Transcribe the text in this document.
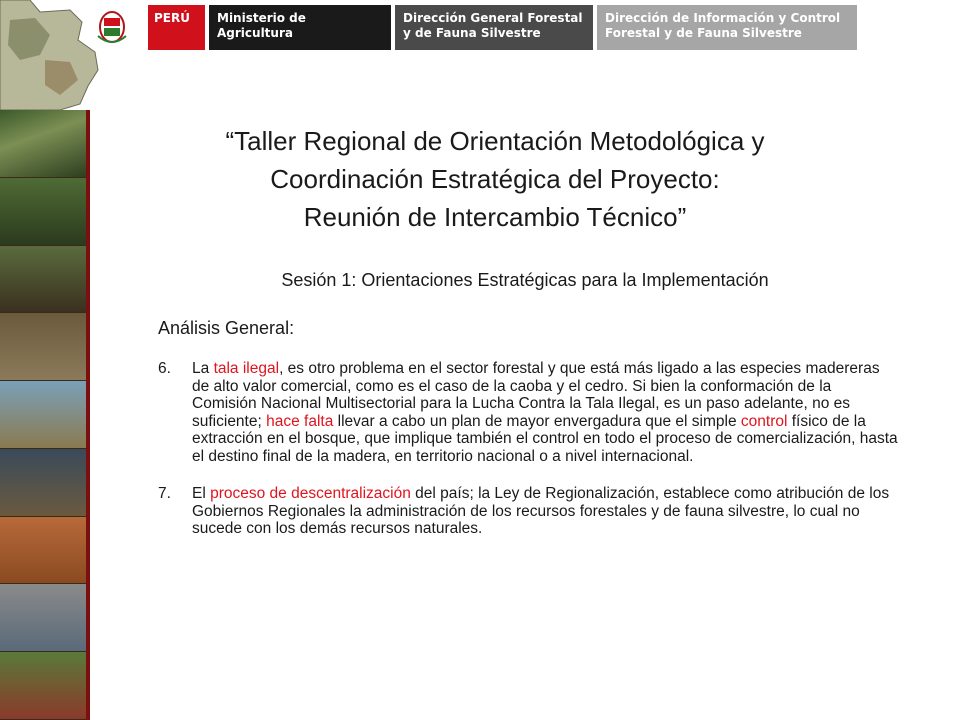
PERÚ	Ministerio de Agricultura
Dirección General Forestal y de Fauna Silvestre
Dirección de Información y Control Forestal y de Fauna Silvestre
“Taller Regional de Orientación Metodológica y
Coordinación Estratégica del Proyecto:
Reunión de Intercambio Técnico”

Sesión 1: Orientaciones Estratégicas para la Implementación

Análisis General:

6. La tala ilegal, es otro problema en el sector forestal y que está más ligado a las especies madereras de alto valor comercial, como es el caso de la caoba y el cedro. Si bien la conformación de la Comisión Nacional Multisectorial para la Lucha Contra la Tala Ilegal, es un paso adelante, no es suficiente; hace falta llevar a cabo un plan de mayor envergadura que el simple control físico de la extracción en el bosque, que implique también el control en todo el proceso de comercialización, hasta el destino final de la madera, en territorio nacional o a nivel internacional.
7. El proceso de descentralización del país; la Ley de Regionalización, establece como atribución de los Gobiernos Regionales la administración de los recursos forestales y de fauna silvestre, lo cual no sucede con los demás recursos naturales.
